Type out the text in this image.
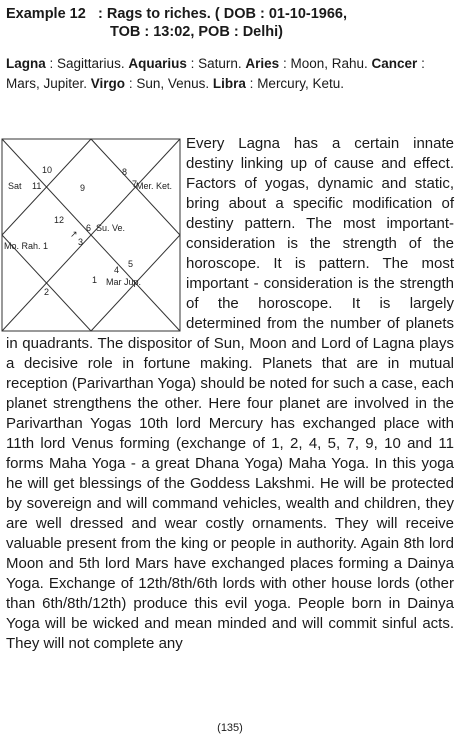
Example 12 : Rags to riches. ( DOB : 01-10-1966,
TOB : 13:02, POB : Delhi)

Lagna : Sagittarius. Aquarius : Saturn. Aries : Moon, Rahu. Cancer : Mars, Jupiter. Virgo : Sun, Venus. Libra : Mercury, Ketu.

1
2
3
4
5
6
7
8
9
10
11
12
Sat	Mer. Ket.
Su. Ve.
Mo. Rah. 1
Mar Jup.
↗
Every Lagna has a certain innate destiny linking up of cause and effect. Factors of yogas, dynamic and static, bring about a specific modification of destiny pattern. The most important-consideration is the strength of the horoscope. It is pattern. The most important - consideration is the strength of the horoscope. It is largely determined from the number of planets in quadrants. The dispositor of Sun, Moon and Lord of Lagna plays a decisive role in fortune making. Planets that are in mutual reception (Parivarthan Yoga) should be noted for such a case, each planet strengthens the other. Here four planet are involved in the Parivarthan Yogas 10th lord Mercury has exchanged place with 11th lord Venus forming (exchange of 1, 2, 4, 5, 7, 9, 10 and 11 forms Maha Yoga - a great Dhana Yoga) Maha Yoga. In this yoga he will get blessings of the Goddess Lakshmi. He will be protected by sovereign and will command vehicles, wealth and children, they are well dressed and wear costly ornaments. They will receive valuable present from the king or people in authority. Again 8th lord Moon and 5th lord Mars have exchanged places forming a Dainya Yoga. Exchange of 12th/8th/6th lords with other house lords (other than 6th/8th/12th) produce this evil yoga. People born in Dainya Yoga will be wicked and mean minded and will commit sinful acts. They will not complete any
(135)
